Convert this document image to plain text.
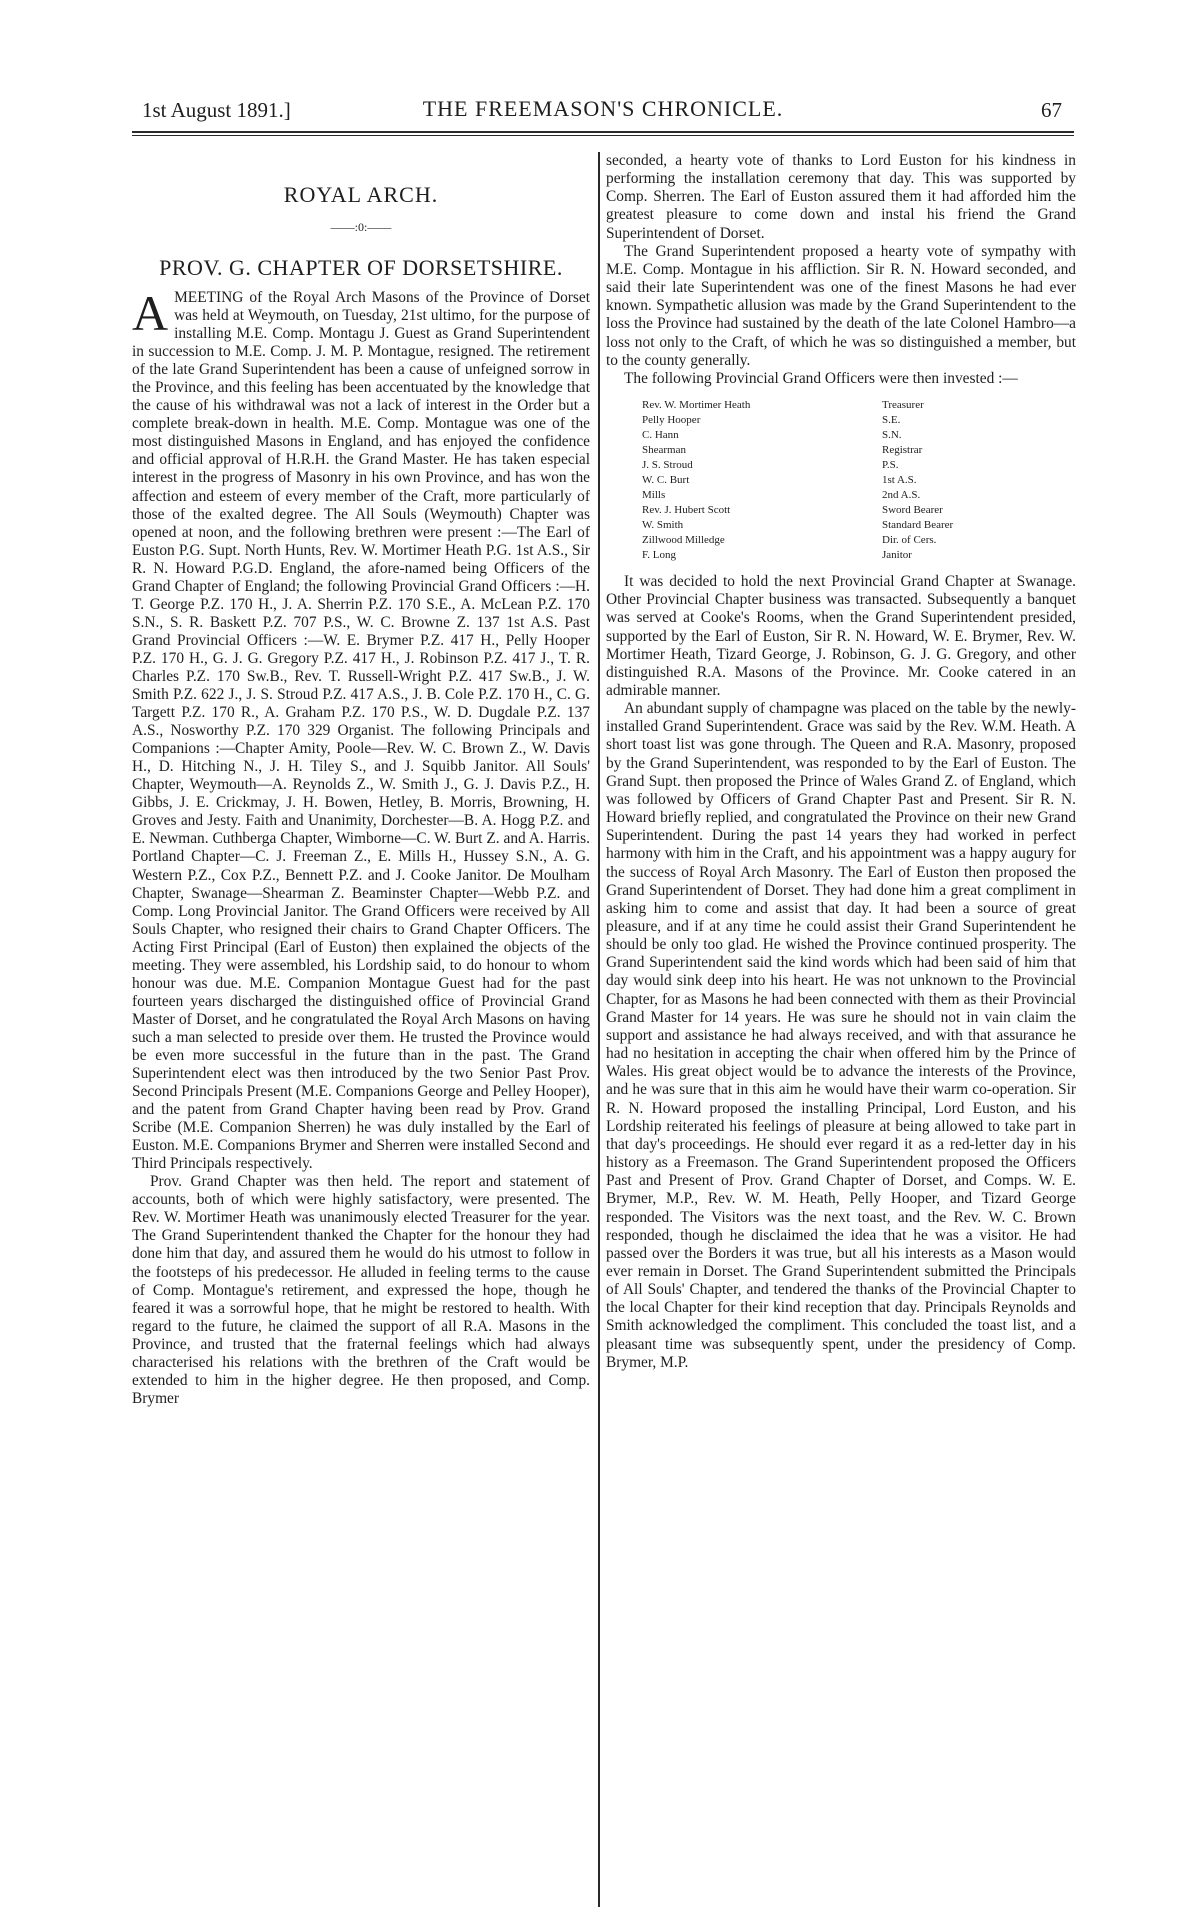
1st August 1891.]	THE FREEMASON'S CHRONICLE.	67
ROYAL ARCH.
——:0:——
PROV. G. CHAPTER OF DORSETSHIRE.

AMEETING of the Royal Arch Masons of the Province of Dorset was held at Weymouth, on Tuesday, 21st ultimo, for the purpose of installing M.E. Comp. Montagu J. Guest as Grand Superintendent in succession to M.E. Comp. J. M. P. Montague, resigned. The retirement of the late Grand Superintendent has been a cause of unfeigned sorrow in the Province, and this feeling has been accentuated by the knowledge that the cause of his withdrawal was not a lack of interest in the Order but a complete break-down in health. M.E. Comp. Montague was one of the most distinguished Masons in England, and has enjoyed the confidence and official approval of H.R.H. the Grand Master. He has taken especial interest in the progress of Masonry in his own Province, and has won the affection and esteem of every member of the Craft, more particularly of those of the exalted degree. The All Souls (Weymouth) Chapter was opened at noon, and the following brethren were present :—The Earl of Euston P.G. Supt. North Hunts, Rev. W. Mortimer Heath P.G. 1st A.S., Sir R. N. Howard P.G.D. England, the afore-named being Officers of the Grand Chapter of England; the following Provincial Grand Officers :—H. T. George P.Z. 170 H., J. A. Sherrin P.Z. 170 S.E., A. McLean P.Z. 170 S.N., S. R. Baskett P.Z. 707 P.S., W. C. Browne Z. 137 1st A.S. Past Grand Provincial Officers :—W. E. Brymer P.Z. 417 H., Pelly Hooper P.Z. 170 H., G. J. G. Gregory P.Z. 417 H., J. Robinson P.Z. 417 J., T. R. Charles P.Z. 170 Sw.B., Rev. T. Russell-Wright P.Z. 417 Sw.B., J. W. Smith P.Z. 622 J., J. S. Stroud P.Z. 417 A.S., J. B. Cole P.Z. 170 H., C. G. Targett P.Z. 170 R., A. Graham P.Z. 170 P.S., W. D. Dugdale P.Z. 137 A.S., Nosworthy P.Z. 170 329 Organist. The following Principals and Companions :—Chapter Amity, Poole—Rev. W. C. Brown Z., W. Davis H., D. Hitching N., J. H. Tiley S., and J. Squibb Janitor. All Souls' Chapter, Weymouth—A. Reynolds Z., W. Smith J., G. J. Davis P.Z., H. Gibbs, J. E. Crickmay, J. H. Bowen, Hetley, B. Morris, Browning, H. Groves and Jesty. Faith and Unanimity, Dorchester—B. A. Hogg P.Z. and E. Newman. Cuthberga Chapter, Wimborne—C. W. Burt Z. and A. Harris. Portland Chapter—C. J. Freeman Z., E. Mills H., Hussey S.N., A. G. Western P.Z., Cox P.Z., Bennett P.Z. and J. Cooke Janitor. De Moulham Chapter, Swanage—Shearman Z. Beaminster Chapter—Webb P.Z. and Comp. Long Provincial Janitor. The Grand Officers were received by All Souls Chapter, who resigned their chairs to Grand Chapter Officers. The Acting First Principal (Earl of Euston) then explained the objects of the meeting. They were assembled, his Lordship said, to do honour to whom honour was due. M.E. Companion Montague Guest had for the past fourteen years discharged the distinguished office of Provincial Grand Master of Dorset, and he congratulated the Royal Arch Masons on having such a man selected to preside over them. He trusted the Province would be even more successful in the future than in the past. The Grand Superintendent elect was then introduced by the two Senior Past Prov. Second Principals Present (M.E. Companions George and Pelley Hooper), and the patent from Grand Chapter having been read by Prov. Grand Scribe (M.E. Companion Sherren) he was duly installed by the Earl of Euston. M.E. Companions Brymer and Sherren were installed Second and Third Principals respectively.

Prov. Grand Chapter was then held. The report and statement of accounts, both of which were highly satisfactory, were presented. The Rev. W. Mortimer Heath was unanimously elected Treasurer for the year. The Grand Superintendent thanked the Chapter for the honour they had done him that day, and assured them he would do his utmost to follow in the footsteps of his predecessor. He alluded in feeling terms to the cause of Comp. Montague's retirement, and expressed the hope, though he feared it was a sorrowful hope, that he might be restored to health. With regard to the future, he claimed the support of all R.A. Masons in the Province, and trusted that the fraternal feelings which had always characterised his relations with the brethren of the Craft would be extended to him in the higher degree. He then proposed, and Comp. Brymer

seconded, a hearty vote of thanks to Lord Euston for his kindness in performing the installation ceremony that day. This was supported by Comp. Sherren. The Earl of Euston assured them it had afforded him the greatest pleasure to come down and instal his friend the Grand Superintendent of Dorset.

The Grand Superintendent proposed a hearty vote of sympathy with M.E. Comp. Montague in his affliction. Sir R. N. Howard seconded, and said their late Superintendent was one of the finest Masons he had ever known. Sympathetic allusion was made by the Grand Superintendent to the loss the Province had sustained by the death of the late Colonel Hambro—a loss not only to the Craft, of which he was so distinguished a member, but to the county generally.

The following Provincial Grand Officers were then invested :—

Rev. W. Mortimer Heath	Treasurer
Pelly Hooper	S.E.
C. Hann	S.N.
Shearman	Registrar
J. S. Stroud	P.S.
W. C. Burt	1st A.S.
Mills	2nd A.S.
Rev. J. Hubert Scott	Sword Bearer
W. Smith	Standard Bearer
Zillwood Milledge	Dir. of Cers.
F. Long	Janitor

It was decided to hold the next Provincial Grand Chapter at Swanage. Other Provincial Chapter business was transacted. Subsequently a banquet was served at Cooke's Rooms, when the Grand Superintendent presided, supported by the Earl of Euston, Sir R. N. Howard, W. E. Brymer, Rev. W. Mortimer Heath, Tizard George, J. Robinson, G. J. G. Gregory, and other distinguished R.A. Masons of the Province. Mr. Cooke catered in an admirable manner.

An abundant supply of champagne was placed on the table by the newly-installed Grand Superintendent. Grace was said by the Rev. W.M. Heath. A short toast list was gone through. The Queen and R.A. Masonry, proposed by the Grand Superintendent, was responded to by the Earl of Euston. The Grand Supt. then proposed the Prince of Wales Grand Z. of England, which was followed by Officers of Grand Chapter Past and Present. Sir R. N. Howard briefly replied, and congratulated the Province on their new Grand Superintendent. During the past 14 years they had worked in perfect harmony with him in the Craft, and his appointment was a happy augury for the success of Royal Arch Masonry. The Earl of Euston then proposed the Grand Superintendent of Dorset. They had done him a great compliment in asking him to come and assist that day. It had been a source of great pleasure, and if at any time he could assist their Grand Superintendent he should be only too glad. He wished the Province continued prosperity. The Grand Superintendent said the kind words which had been said of him that day would sink deep into his heart. He was not unknown to the Provincial Chapter, for as Masons he had been connected with them as their Provincial Grand Master for 14 years. He was sure he should not in vain claim the support and assistance he had always received, and with that assurance he had no hesitation in accepting the chair when offered him by the Prince of Wales. His great object would be to advance the interests of the Province, and he was sure that in this aim he would have their warm co-operation. Sir R. N. Howard proposed the installing Principal, Lord Euston, and his Lordship reiterated his feelings of pleasure at being allowed to take part in that day's proceedings. He should ever regard it as a red-letter day in his history as a Freemason. The Grand Superintendent proposed the Officers Past and Present of Prov. Grand Chapter of Dorset, and Comps. W. E. Brymer, M.P., Rev. W. M. Heath, Pelly Hooper, and Tizard George responded. The Visitors was the next toast, and the Rev. W. C. Brown responded, though he disclaimed the idea that he was a visitor. He had passed over the Borders it was true, but all his interests as a Mason would ever remain in Dorset. The Grand Superintendent submitted the Principals of All Souls' Chapter, and tendered the thanks of the Provincial Chapter to the local Chapter for their kind reception that day. Principals Reynolds and Smith acknowledged the compliment. This concluded the toast list, and a pleasant time was subsequently spent, under the presidency of Comp. Brymer, M.P.
